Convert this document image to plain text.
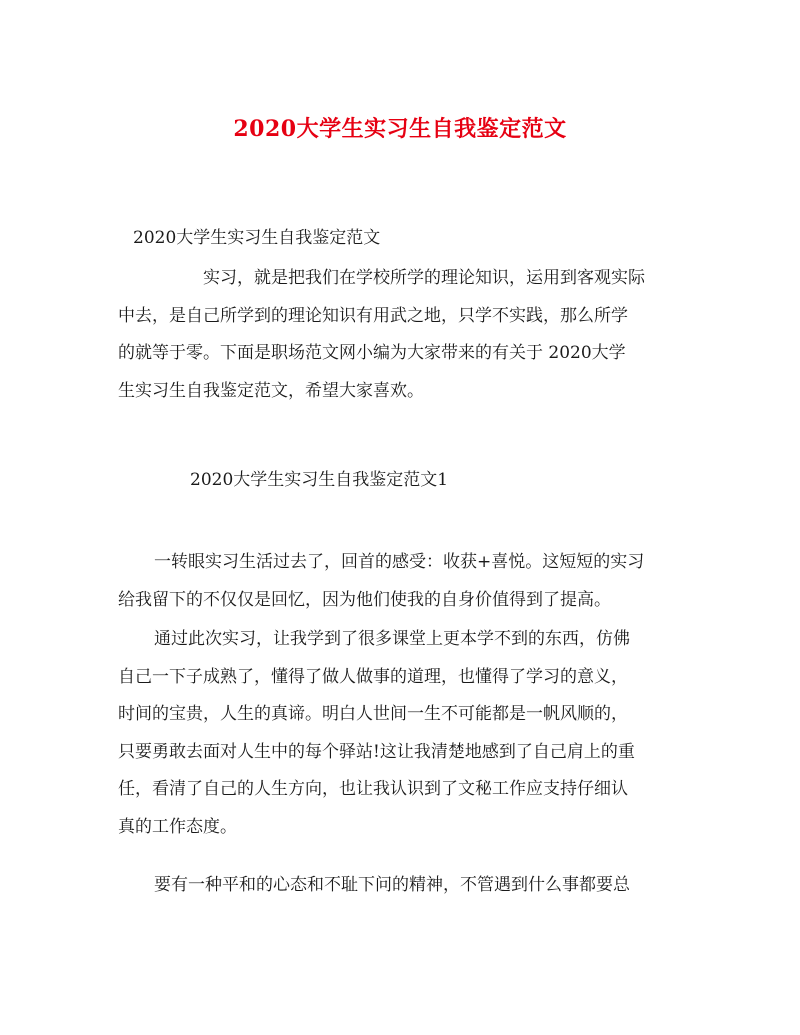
2020大学生实习生自我鉴定范文
2020大学生实习生自我鉴定范文
实习，就是把我们在学校所学的理论知识，运用到客观实际
中去，是自己所学到的理论知识有用武之地，只学不实践，那么所学
的就等于零。下面是职场范文网小编为大家带来的有关于 2020大学
生实习生自我鉴定范文，希望大家喜欢。
2020大学生实习生自我鉴定范文1
一转眼实习生活过去了，回首的感受：收获+喜悦。这短短的实习
给我留下的不仅仅是回忆，因为他们使我的自身价值得到了提高。
通过此次实习，让我学到了很多课堂上更本学不到的东西，仿佛
自己一下子成熟了，懂得了做人做事的道理，也懂得了学习的意义，
时间的宝贵，人生的真谛。明白人世间一生不可能都是一帆风顺的，
只要勇敢去面对人生中的每个驿站!这让我清楚地感到了自己肩上的重
任，看清了自己的人生方向，也让我认识到了文秘工作应支持仔细认
真的工作态度。
要有一种平和的心态和不耻下问的精神，不管遇到什么事都要总
